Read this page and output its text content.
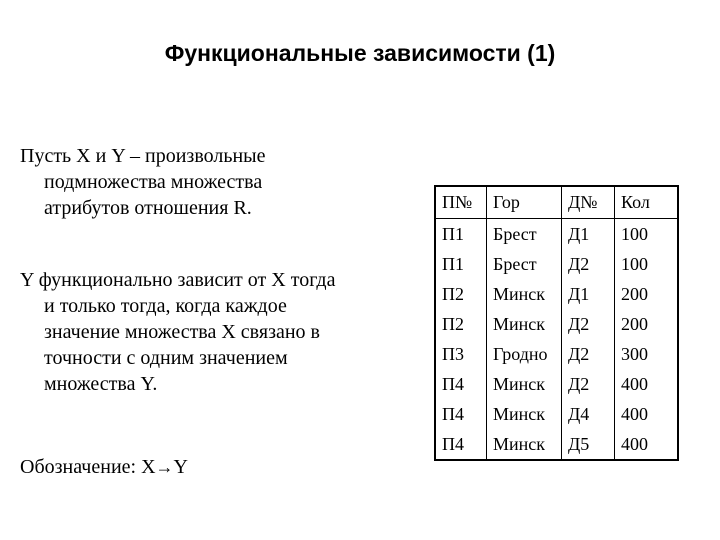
Функциональные зависимости (1)
Пусть X и Y – произвольные
подмножества множества
атрибутов отношения R.
Y функционально зависит от X тогда
и только тогда, когда каждое
значение множества X связано в
точности с одним значением
множества Y.
Обозначение: X→Y
П№	Гор	Д№	Кол
П1	Брест	Д1	100
П1	Брест	Д2	100
П2	Минск	Д1	200
П2	Минск	Д2	200
П3	Гродно	Д2	300
П4	Минск	Д2	400
П4	Минск	Д4	400
П4	Минск	Д5	400
